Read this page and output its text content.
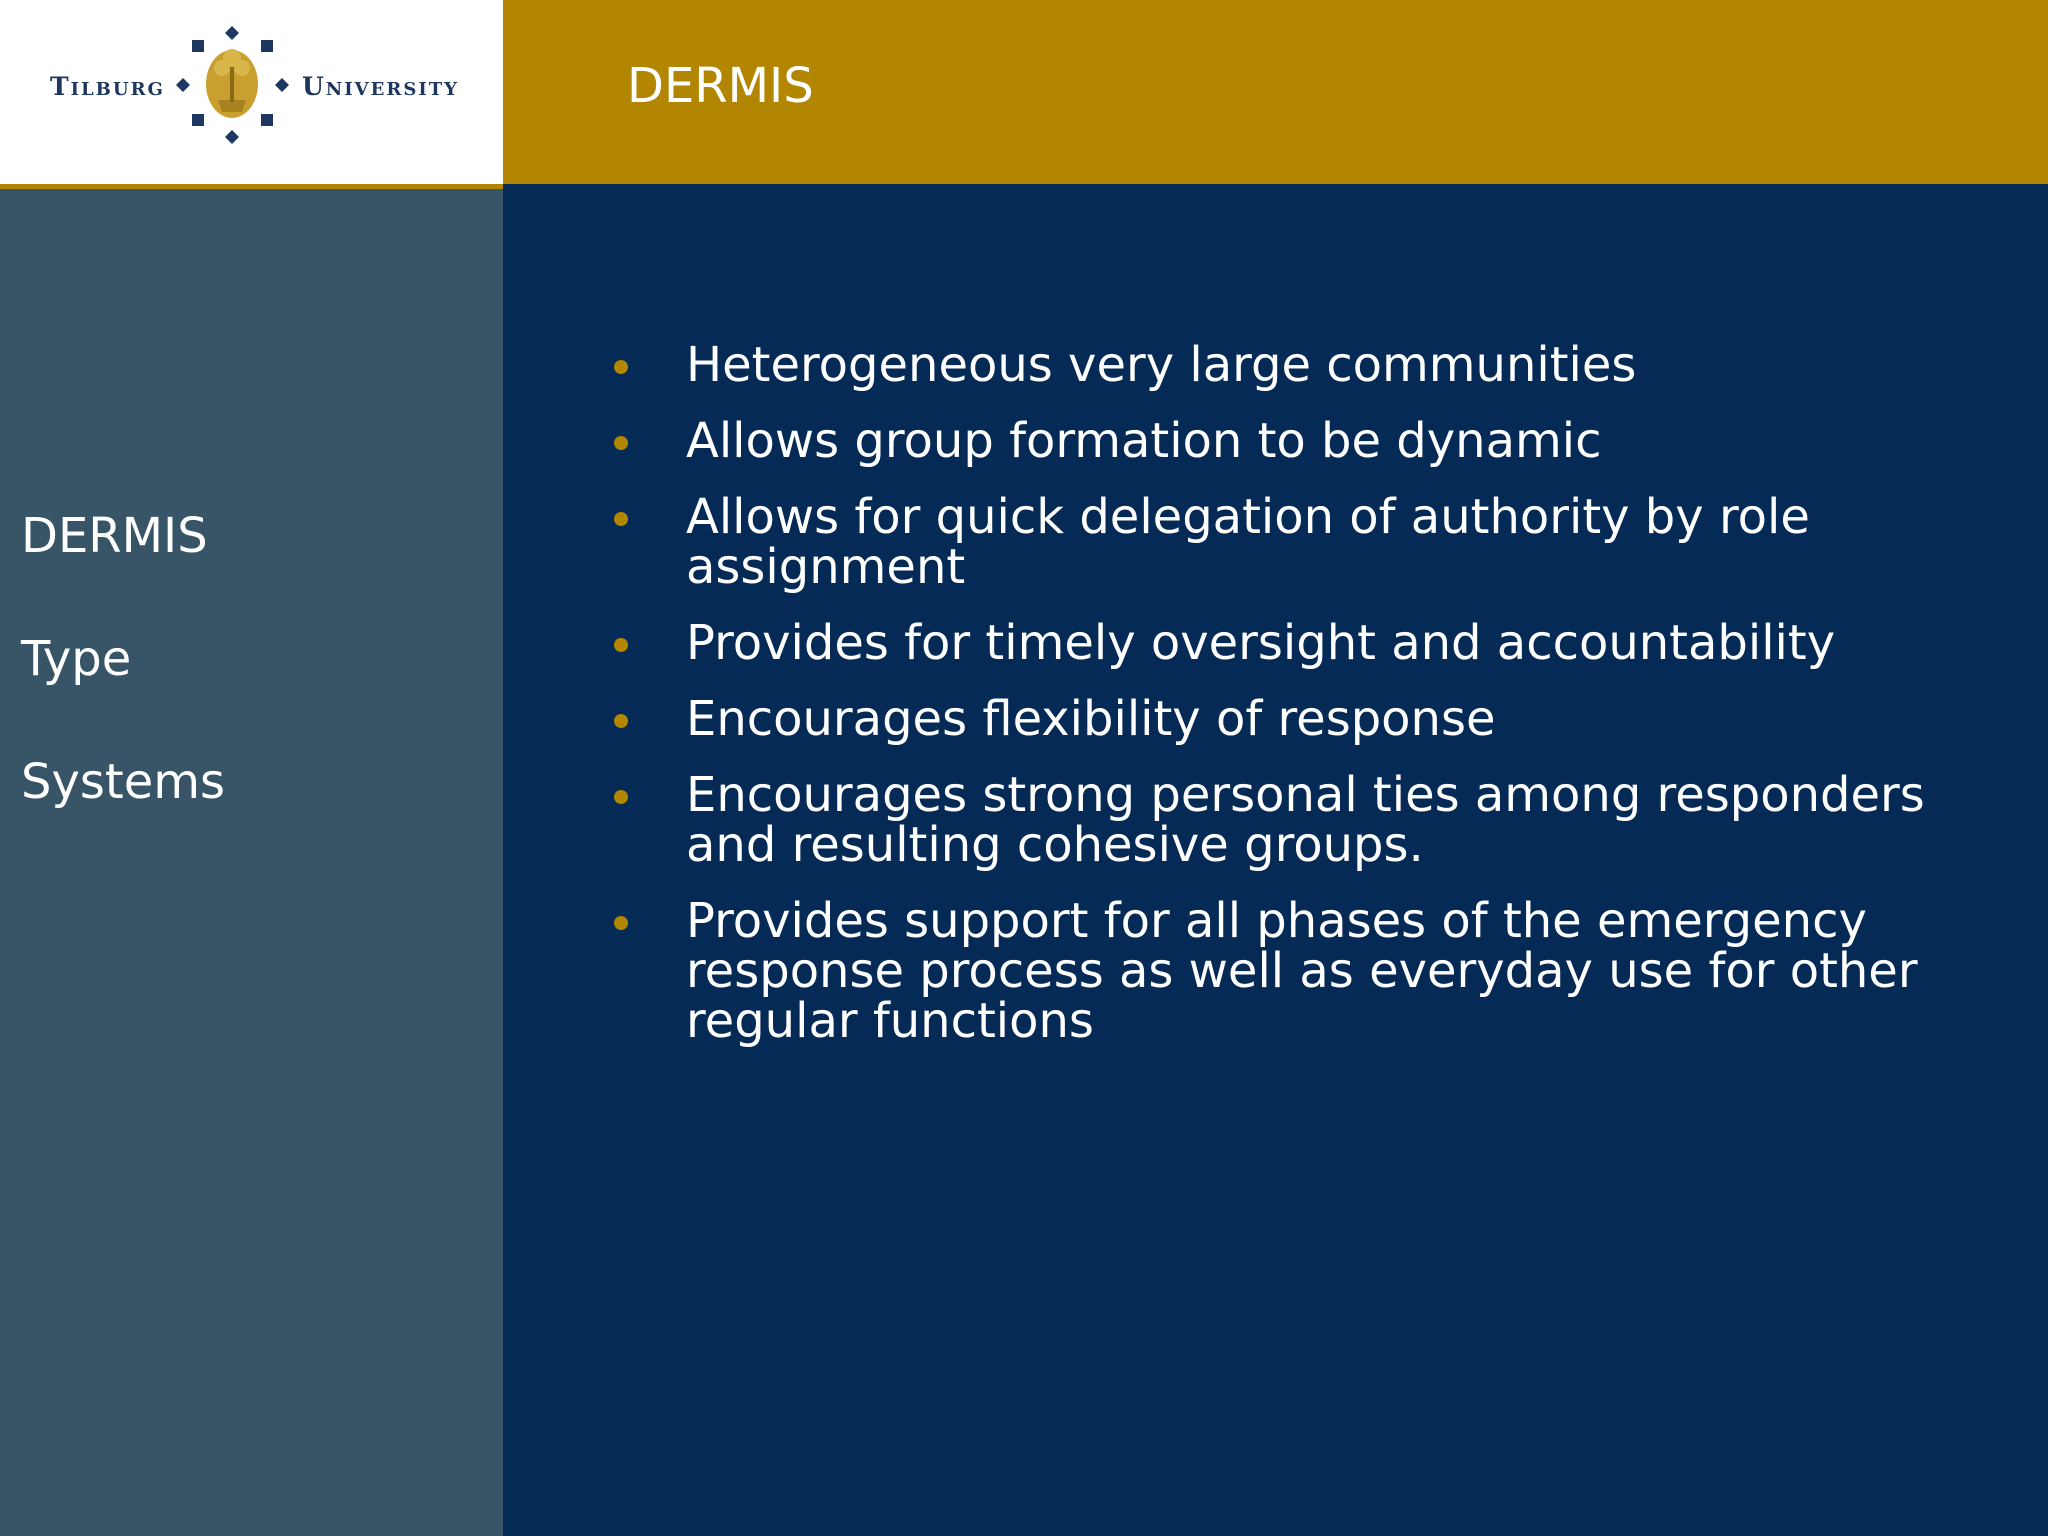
Tilburg	University	DERMIS
DERMIS
Type
Systems
Heterogeneous very large communities
Allows group formation to be dynamic
Allows for quick delegation of authority by role assignment
Provides for timely oversight and accountability
Encourages flexibility of response
Encourages strong personal ties among responders and resulting cohesive groups.
Provides support for all phases of the emergency response process as well as everyday use for other regular functions
